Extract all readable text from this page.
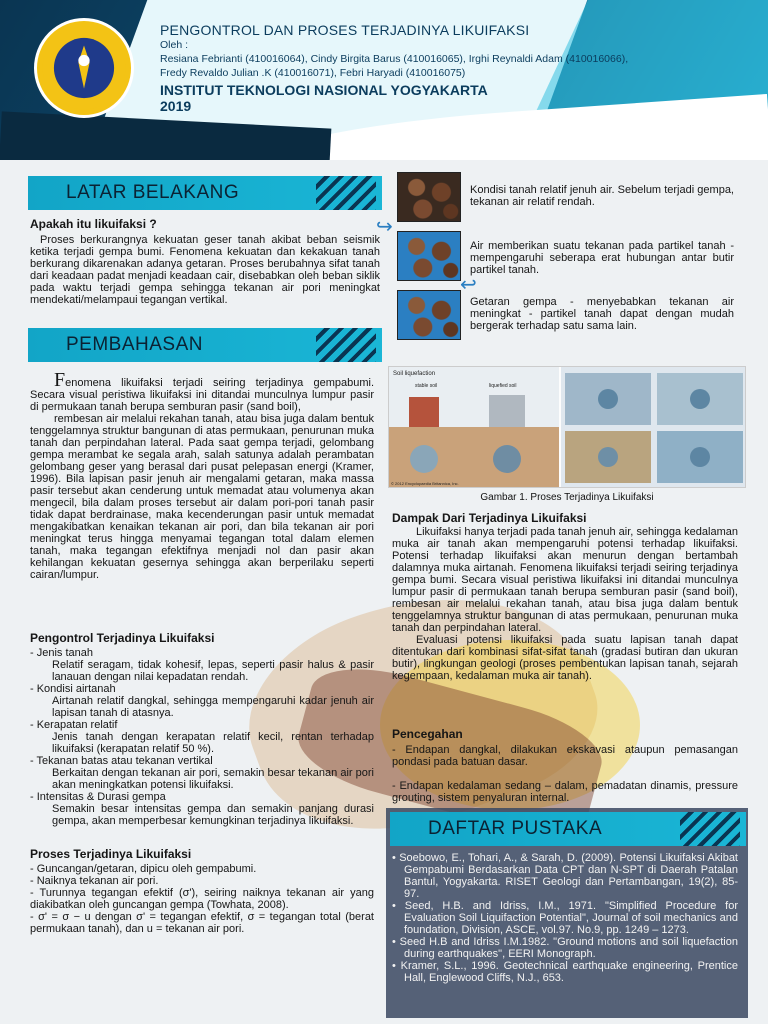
PENGONTROL DAN PROSES TERJADINYA LIKUIFAKSI
Oleh :
Resiana Febrianti (410016064), Cindy Birgita Barus (410016065), Irghi Reynaldi Adam (410016066),
Fredy Revaldo Julian .K (410016071), Febri Haryadi (410016075)
INSTITUT TEKNOLOGI NASIONAL YOGYAKARTA
2019
LATAR BELAKANG

Apakah itu likuifaksi ?

Proses berkurangnya kekuatan geser tanah akibat beban seismik ketika terjadi gempa bumi. Fenomena kekuatan dan kekakuan tanah berkurang dikarenakan adanya getaran. Proses berubahnya sifat tanah dari keadaan padat menjadi keadaan cair, disebabkan oleh beban siklik pada waktu terjadi gempa sehingga tekanan air pori meningkat mendekati/melampaui tegangan vertikal.

↪
↩
Kondisi tanah relatif jenuh air. Sebelum terjadi gempa, tekanan air relatif rendah.
Air memberikan suatu tekanan pada partikel tanah - mempengaruhi seberapa erat hubungan antar butir partikel tanah.
Getaran gempa - menyebabkan tekanan air meningkat - partikel tanah dapat dengan mudah bergerak terhadap satu sama lain.
PEMBAHASAN

Fenomena likuifaksi terjadi seiring terjadinya gempabumi. Secara visual peristiwa likuifaksi ini ditandai munculnya lumpur pasir di permukaan tanah berupa semburan pasir (sand boil),

rembesan air melalui rekahan tanah, atau bisa juga dalam bentuk tenggelamnya struktur bangunan di atas permukaan, penurunan muka tanah dan perpindahan lateral. Pada saat gempa terjadi, gelombang gempa merambat ke segala arah, salah satunya adalah perambatan gelombang geser yang berasal dari pusat pelepasan energi (Kramer, 1996). Bila lapisan pasir jenuh air mengalami getaran, maka massa pasir tersebut akan cenderung untuk memadat atau volumenya akan mengecil, bila dalam proses tersebut air dalam pori-pori tanah pasir tidak dapat berdrainase, maka kecenderungan pasir untuk memadat mengakibatkan kenaikan tekanan air pori, dan bila tekanan air pori meningkat terus hingga menyamai tegangan total dalam elemen tanah, maka tegangan efektifnya menjadi nol dan pasir akan kehilangan kekuatan gesernya sehingga akan berperilaku seperti cairan/lumpur.

Pengontrol Terjadinya Likuifaksi

- Jenis tanah

Relatif seragam, tidak kohesif, lepas, seperti pasir halus & pasir lanauan dengan nilai kepadatan rendah.

- Kondisi airtanah

Airtanah relatif dangkal, sehingga mempengaruhi kadar jenuh air lapisan tanah di atasnya.

- Kerapatan relatif

Jenis tanah dengan kerapatan relatif kecil, rentan terhadap likuifaksi (kerapatan relatif 50 %).

- Tekanan batas atau tekanan vertikal

Berkaitan dengan tekanan air pori, semakin besar tekanan air pori akan meningkatkan potensi likuifaksi.

- Intensitas & Durasi gempa

Semakin besar intensitas gempa dan semakin panjang durasi gempa, akan memperbesar kemungkinan terjadinya likuifaksi.

Proses Terjadinya Likuifaksi

- Guncangan/getaran, dipicu oleh gempabumi.

- Naiknya tekanan air pori.

- Turunnya tegangan efektif (σ'), seiring naiknya tekanan air yang diakibatkan oleh guncangan gempa (Towhata, 2008).

- σ' = σ − u dengan σ' = tegangan efektif, σ = tegangan total (berat permukaan tanah), dan u = tekanan air pori.

Soil liquefaction
stable soil	liquefied soil
© 2012 Encyclopaedia Britannica, Inc.
Gambar 1. Proses Terjadinya Likuifaksi

Dampak Dari Terjadinya Likuifaksi

Likuifaksi hanya terjadi pada tanah jenuh air, sehingga kedalaman muka air tanah akan mempengaruhi potensi terhadap likuifaksi. Potensi terhadap likuifaksi akan menurun dengan bertambah dalamnya muka airtanah. Fenomena likuifaksi terjadi seiring terjadinya gempa bumi. Secara visual peristiwa likuifaksi ini ditandai munculnya lumpur pasir di permukaan tanah berupa semburan pasir (sand boil), rembesan air melalui rekahan tanah, atau bisa juga dalam bentuk tenggelamnya struktur bangunan di atas permukaan, penurunan muka tanah dan perpindahan lateral.

Evaluasi potensi likuifaksi pada suatu lapisan tanah dapat ditentukan dari kombinasi sifat-sifat tanah (gradasi butiran dan ukuran butir), lingkungan geologi (proses pembentukan lapisan tanah, sejarah kegempaan, kedalaman muka air tanah).

Pencegahan

- Endapan dangkal, dilakukan ekskavasi ataupun pemasangan pondasi pada batuan dasar.

- Endapan kedalaman sedang – dalam, pemadatan dinamis, pressure grouting, sistem penyaluran internal.

DAFTAR PUSTAKA

• Soebowo, E., Tohari, A., & Sarah, D. (2009). Potensi Likuifaksi Akibat Gempabumi Berdasarkan Data CPT dan N-SPT di Daerah Patalan Bantul, Yogyakarta. RISET Geologi dan Pertambangan, 19(2), 85-97.

• Seed, H.B. and Idriss, I.M., 1971. "Simplified Procedure for Evaluation Soil Liquifaction Potential", Journal of soil mechanics and foundation, Division, ASCE, vol.97. No.9, pp. 1249 – 1273.

• Seed H.B and Idriss I.M.1982. "Ground motions and soil liquefaction during earthquakes", EERI Monograph.

• Kramer, S.L., 1996. Geotechnical earthquake engineering, Prentice Hall, Englewood Cliffs, N.J., 653.
